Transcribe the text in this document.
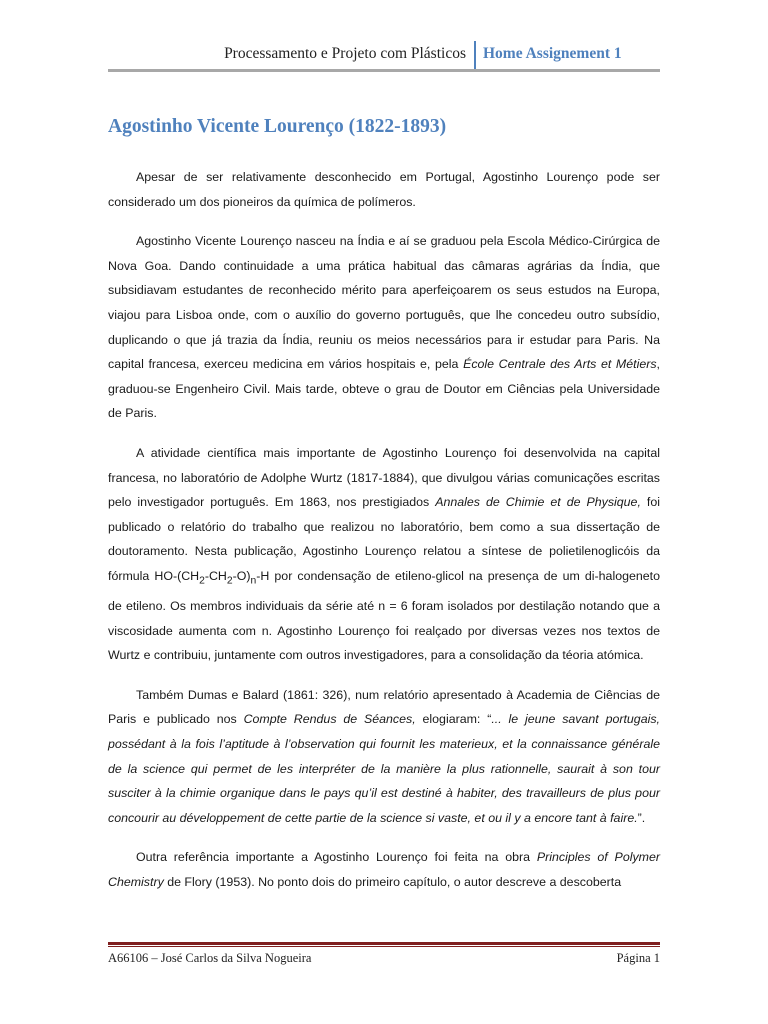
Processamento e Projeto com Plásticos Home Assignement 1
Agostinho Vicente Lourenço (1822-1893)

Apesar de ser relativamente desconhecido em Portugal, Agostinho Lourenço pode ser considerado um dos pioneiros da química de polímeros.

Agostinho Vicente Lourenço nasceu na Índia e aí se graduou pela Escola Médico-Cirúrgica de Nova Goa. Dando continuidade a uma prática habitual das câmaras agrárias da Índia, que subsidiavam estudantes de reconhecido mérito para aperfeiçoarem os seus estudos na Europa, viajou para Lisboa onde, com o auxílio do governo português, que lhe concedeu outro subsídio, duplicando o que já trazia da Índia, reuniu os meios necessários para ir estudar para Paris. Na capital francesa, exerceu medicina em vários hospitais e, pela École Centrale des Arts et Métiers, graduou-se Engenheiro Civil. Mais tarde, obteve o grau de Doutor em Ciências pela Universidade de Paris.

A atividade científica mais importante de Agostinho Lourenço foi desenvolvida na capital francesa, no laboratório de Adolphe Wurtz (1817-1884), que divulgou várias comunicações escritas pelo investigador português. Em 1863, nos prestigiados Annales de Chimie et de Physique, foi publicado o relatório do trabalho que realizou no laboratório, bem como a sua dissertação de doutoramento. Nesta publicação, Agostinho Lourenço relatou a síntese de polietilenoglicóis da fórmula $HO-(CH_2-CH_2-O)_n-H$ por condensação de etileno-glicol na presença de um di-halogeneto de etileno. Os membros individuais da série até n = 6 foram isolados por destilação notando que a viscosidade aumenta com n. Agostinho Lourenço foi realçado por diversas vezes nos textos de Wurtz e contribuiu, juntamente com outros investigadores, para a consolidação da téoria atómica.

Também Dumas e Balard (1861: 326), num relatório apresentado à Academia de Ciências de Paris e publicado nos Compte Rendus de Séances, elogiaram: “... le jeune savant portugais, possédant à la fois l’aptitude à l’observation qui fournit les materieux, et la connaissance générale de la science qui permet de les interpréter de la manière la plus rationnelle, saurait à son tour susciter à la chimie organique dans le pays qu’il est destiné à habiter, des travailleurs de plus pour concourir au développement de cette partie de la science si vaste, et ou il y a encore tant à faire.”.

Outra referência importante a Agostinho Lourenço foi feita na obra Principles of Polymer Chemistry de Flory (1953). No ponto dois do primeiro capítulo, o autor descreve a descoberta

A66106 – José Carlos da Silva Nogueira	Página 1
